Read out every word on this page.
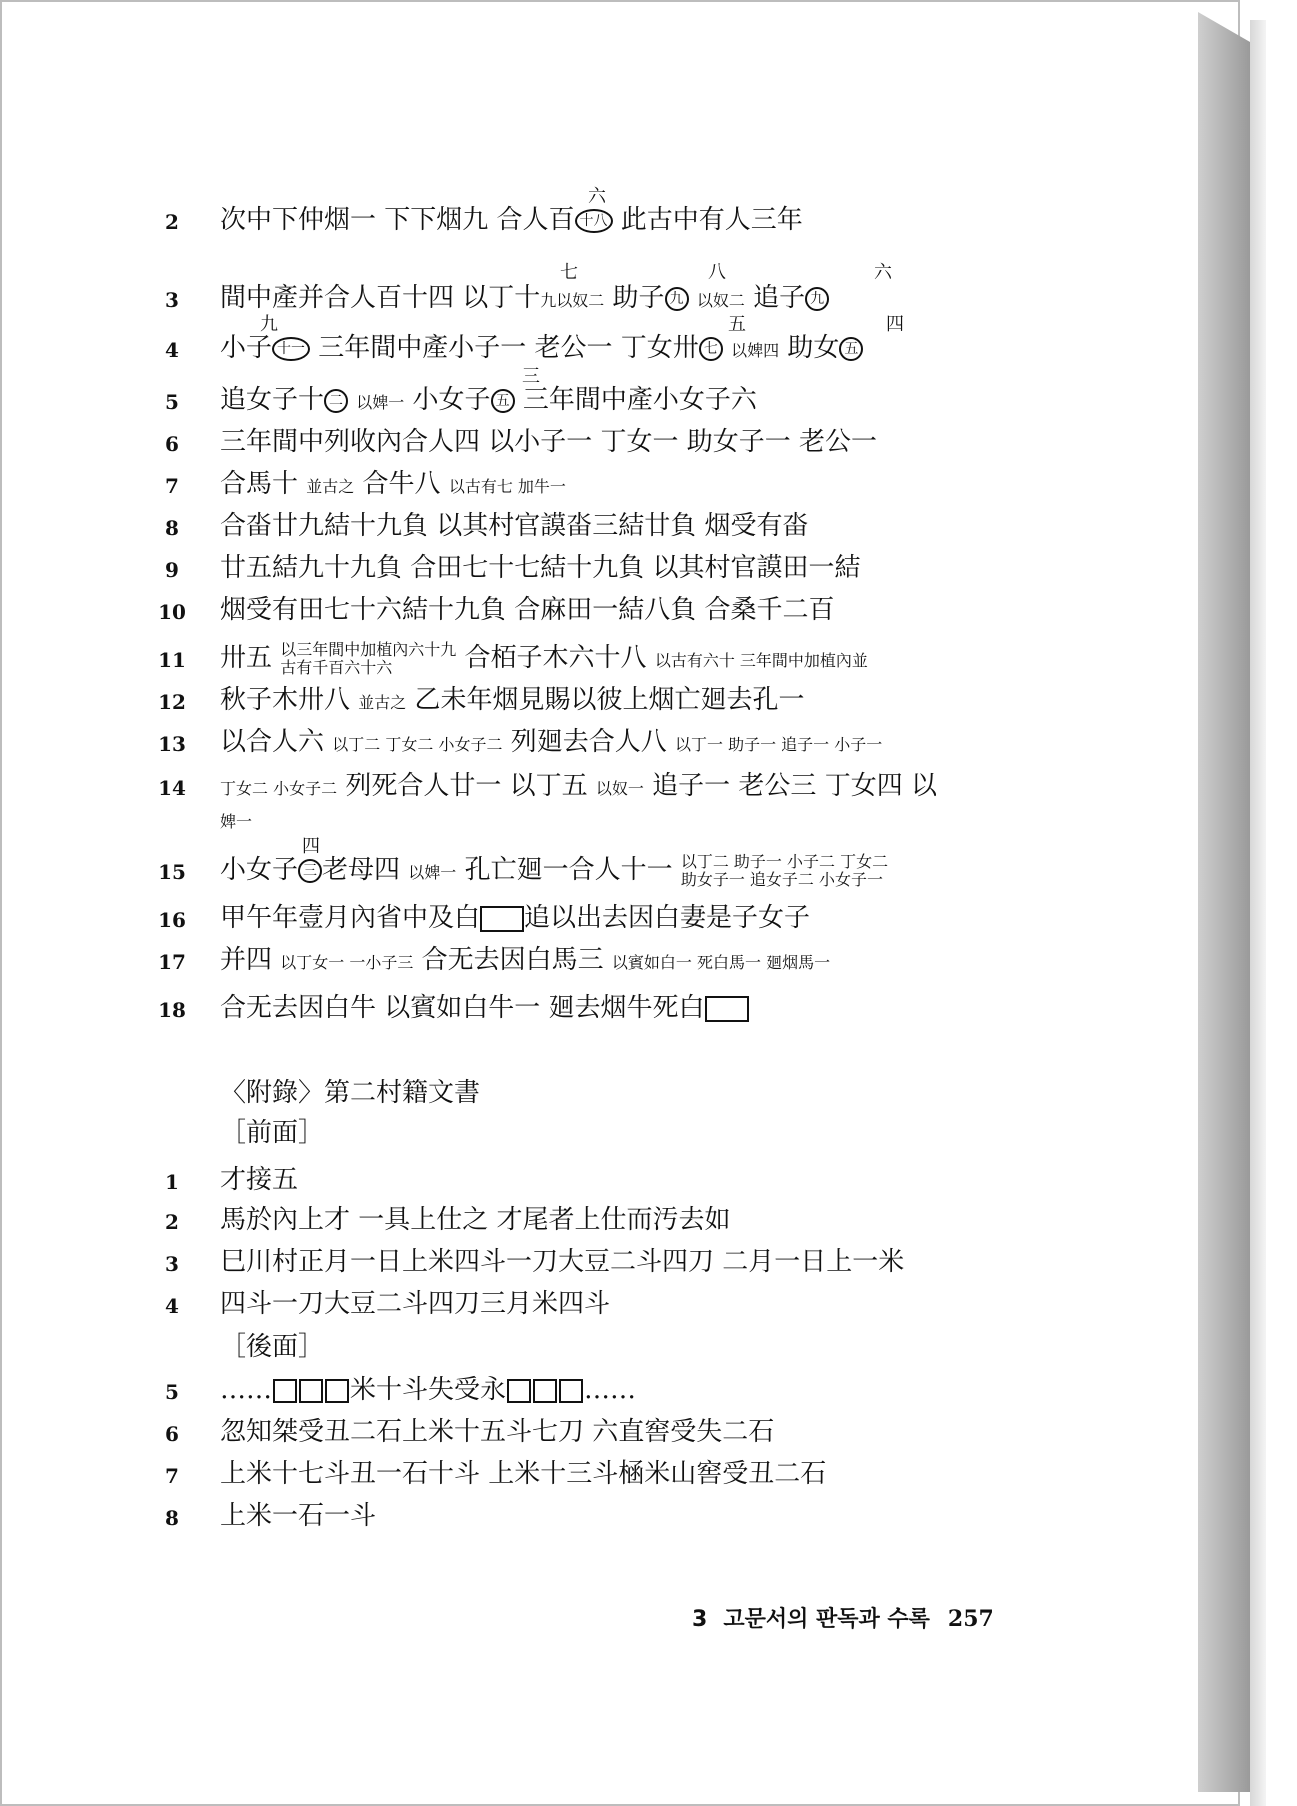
2
六
次中下仲烟一 下下烟九 合人百 十八 此古中有人三年
3
七	八	六
間中產并合人百十四 以丁十九以奴二 助子 九 以奴二 追子 九
4
九	五	四
小子 十一 三年間中產小子一 老公一 丁女卅 七 以婢四 助女 五
5
三
追女子十 二 以婢一 小女子 五 三年間中產小女子六
6	三年間中列收內合人四 以小子一 丁女一 助女子一 老公一
7	合馬十 並古之 合牛八 以古有七 加牛一
8	合畓廿九結十九負 以其村官謨畓三結廿負 烟受有畓
9	廿五結九十九負 合田七十七結十九負 以其村官謨田一結
10 烟受有田七十六結十九負 合麻田一結八負 合桑千二百
11 卅五 以三年間中加植內六十九
古有千百六十六 合栢子木六十八 以古有六十 三年間中加植內並
12 秋子木卅八 並古之 乙未年烟見賜以彼上烟亡廻去孔一
13 以合人六 以丁二 丁女二 小女子二 列廻去合人八 以丁一 助子一 追子一 小子一
14	丁女二 小女子二 列死合人廿一 以丁五 以奴一 追子一 老公三 丁女四 以
婢一
15
四
小女子 三 老母四 以婢一 孔亡廻一合人十一 以丁二 助子一 小子二 丁女二
助女子一 追女子二 小女子一
16 甲午年壹月內省中及白 追以出去因白妻是子女子
17 并四 以丁女一 一小子三 合无去因白馬三 以賓如白一 死白馬一 廻烟馬一
18 合无去因白牛 以賓如白牛一 廻去烟牛死白
〈附錄〉第二村籍文書
［前面］
1	才接五
2	馬於內上才 一具上仕之 才尾者上仕而汚去如
3	巳川村正月一日上米四斗一刀大豆二斗四刀 二月一日上一米
4	四斗一刀大豆二斗四刀三月米四斗
［後面］
5	……	米十斗失受永	……
6	忽知桀受丑二石上米十五斗七刀 六直窖受失二石
7	上米十七斗丑一石十斗 上米十三斗㮀米山窖受丑二石
8	上米一石一斗
3 고문서의 판독과 수록 257
